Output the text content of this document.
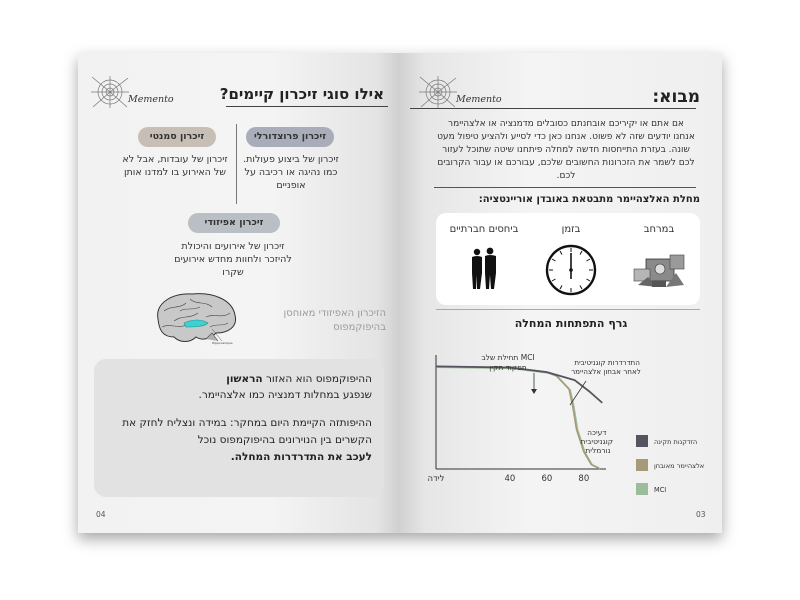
Memento	אילו סוגי זיכרון קיימים?
זיכרון פרוצדורלי
זיכרון של ביצוע פעולות. כמו נהיגה או רכיבה על אופניים
זיכרון סמנטי
זיכרון של עובדות, אבל לא של האירוע בו למדנו אותן
זיכרון אפיזודי
זיכרון של אירועים והיכולת להיזכר ולחוות מחדש אירועים שקרו
Hippocampus
הזיכרון האפיזודי מאוחסן בהיפוקמפוס
ההיפוקמפוס הוא האזור הראשון
שנפגע במחלות דמנציה כמו אלצהיימר.
ההיפותזה הקיימת היום במחקר: במידה ונצליח לחזק את הקשרים בין הנוירונים בהיפוקמפוס נוכל
לעכב את התדרדרות המחלה.
04
Memento	מבוא:
אם אתם או יקיריכם אובחנתם כסובלים מדמנציה או אלצהיימר אנחנו יודעים שזה לא פשוט. אנחנו כאן כדי לסייע ולהציע טיפול מעט שונה. בעזרת התייחסות חדשה למחלה פיתחנו שיטה שתוכל לעזור לכם לשמר את הזכרונות החשובים שלכם, עבורכם או עבור הקרובים לכם.
מחלת האלצהיימר מתבטאת באובדן אוריינטציה:
במרחב
בזמן
ביחסים חברתיים
גרף התפתחות המחלה
לידה	40	60	80
תחילת שלב MCI
תפקוד תקין
התדרדרות קוגניטיבית לאחר אבחון אלצהיימר
דעיכה קוגניטיבית נורמלית
הזדקנות תקינה
אלצהיימר מאובחן
MCI
03
